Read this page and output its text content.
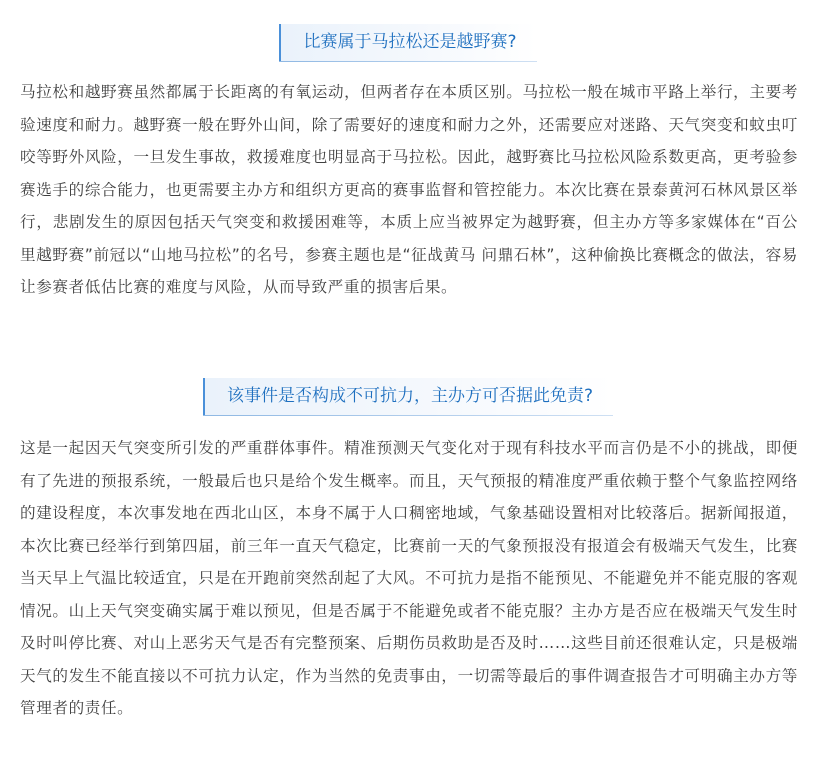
比赛属于马拉松还是越野赛?

马拉松和越野赛虽然都属于长距离的有氧运动，但两者存在本质区别。马拉松一般在城市平路上举行，主要考验速度和耐力。越野赛一般在野外山间，除了需要好的速度和耐力之外，还需要应对迷路、天气突变和蚊虫叮咬等野外风险，一旦发生事故，救援难度也明显高于马拉松。因此，越野赛比马拉松风险系数更高，更考验参赛选手的综合能力，也更需要主办方和组织方更高的赛事监督和管控能力。本次比赛在景泰黄河石林风景区举行，悲剧发生的原因包括天气突变和救援困难等，本质上应当被界定为越野赛，但主办方等多家媒体在“百公里越野赛”前冠以“山地马拉松”的名号，参赛主题也是“征战黄马 问鼎石林”，这种偷换比赛概念的做法，容易让参赛者低估比赛的难度与风险，从而导致严重的损害后果。

该事件是否构成不可抗力，主办方可否据此免责?

这是一起因天气突变所引发的严重群体事件。精准预测天气变化对于现有科技水平而言仍是不小的挑战，即便有了先进的预报系统，一般最后也只是给个发生概率。而且，天气预报的精准度严重依赖于整个气象监控网络的建设程度，本次事发地在西北山区，本身不属于人口稠密地域，气象基础设置相对比较落后。据新闻报道，本次比赛已经举行到第四届，前三年一直天气稳定，比赛前一天的气象预报没有报道会有极端天气发生，比赛当天早上气温比较适宜，只是在开跑前突然刮起了大风。不可抗力是指不能预见、不能避免并不能克服的客观情况。山上天气突变确实属于难以预见，但是否属于不能避免或者不能克服？主办方是否应在极端天气发生时及时叫停比赛、对山上恶劣天气是否有完整预案、后期伤员救助是否及时……这些目前还很难认定，只是极端天气的发生不能直接以不可抗力认定，作为当然的免责事由，一切需等最后的事件调查报告才可明确主办方等管理者的责任。
